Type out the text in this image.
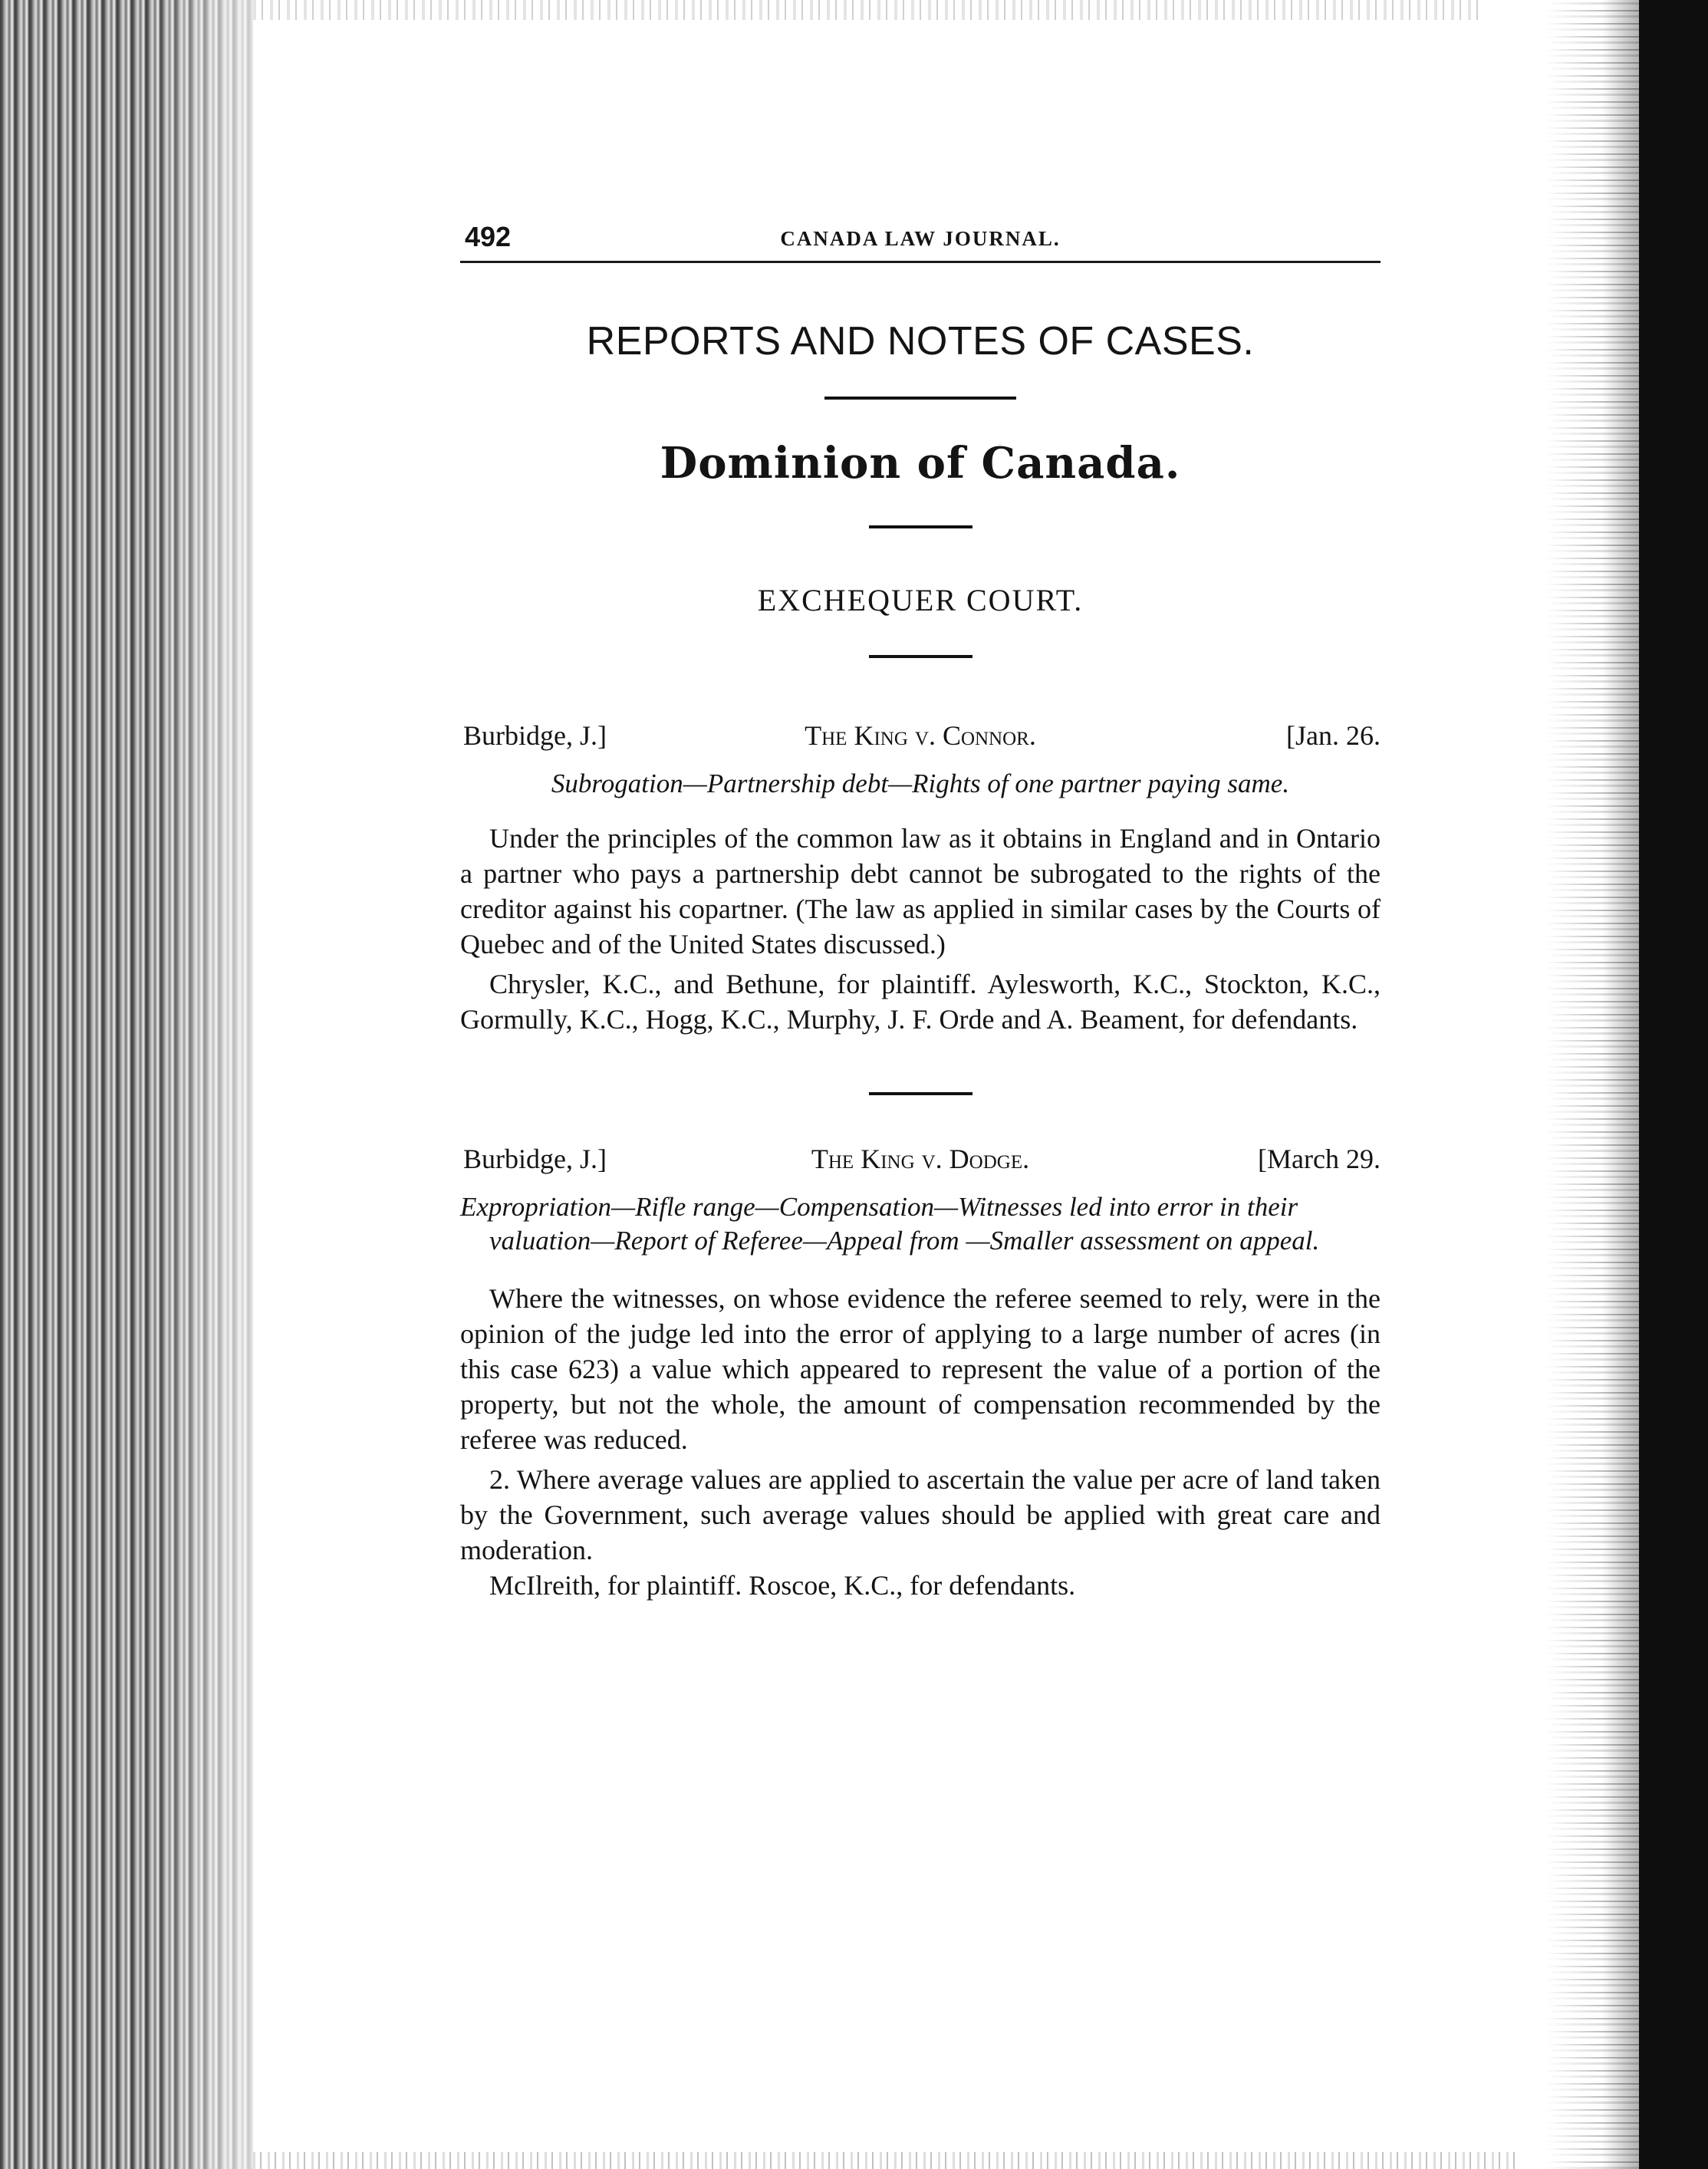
492	CANADA LAW JOURNAL.
REPORTS AND NOTES OF CASES.
Dominion of Canada.
EXCHEQUER COURT.
Burbidge, J.]	The King v. Connor.	[Jan. 26.
Subrogation—Partnership debt—Rights of one partner paying same.

Under the principles of the common law as it obtains in England and in Ontario a partner who pays a partnership debt cannot be subrogated to the rights of the creditor against his copartner. (The law as applied in similar cases by the Courts of Quebec and of the United States discussed.)

Chrysler, K.C., and Bethune, for plaintiff. Aylesworth, K.C., Stockton, K.C., Gormully, K.C., Hogg, K.C., Murphy, J. F. Orde and A. Beament, for defendants.

Burbidge, J.]	The King v. Dodge.	[March 29.
Expropriation—Rifle range—Compensation—Witnesses led into error in their valuation—Report of Referee—Appeal from —Smaller assessment on appeal.

Where the witnesses, on whose evidence the referee seemed to rely, were in the opinion of the judge led into the error of applying to a large number of acres (in this case 623) a value which appeared to represent the value of a portion of the property, but not the whole, the amount of compensation recommended by the referee was reduced.

2. Where average values are applied to ascertain the value per acre of land taken by the Government, such average values should be applied with great care and moderation.

McIlreith, for plaintiff. Roscoe, K.C., for defendants.
